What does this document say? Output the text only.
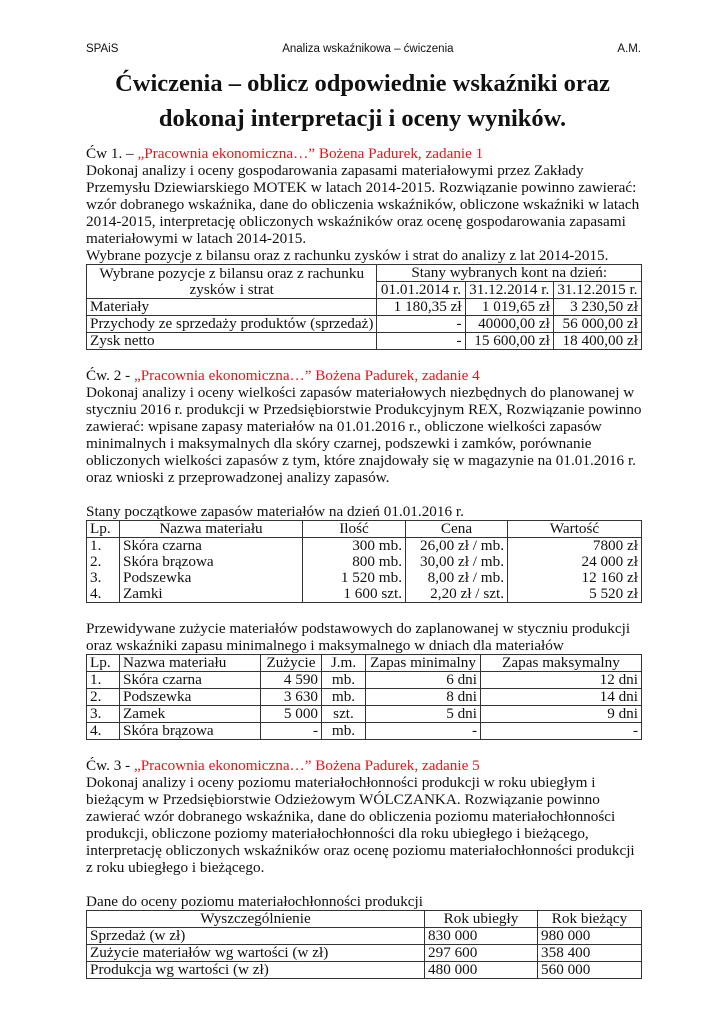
SPAiS	Analiza wskaźnikowa – ćwiczenia	A.M.
Ćwiczenia – oblicz odpowiednie wskaźniki oraz
dokonaj interpretacji i oceny wyników.

Ćw 1. – „Pracownia ekonomiczna…” Bożena Padurek, zadanie 1

Dokonaj analizy i oceny gospodarowania zapasami materiałowymi przez Zakłady Przemysłu Dziewiarskiego MOTEK w latach 2014-2015. Rozwiązanie powinno zawierać: wzór dobranego wskaźnika, dane do obliczenia wskaźników, obliczone wskaźniki w latach 2014-2015, interpretację obliczonych wskaźników oraz ocenę gospodarowania zapasami materiałowymi w latach 2014-2015.

Wybrane pozycje z bilansu oraz z rachunku zysków i strat do analizy z lat 2014-2015.

Wybrane pozycje z bilansu oraz z rachunku zysków i strat	Stany wybranych kont na dzień:		
	01.01.2014 r.	31.12.2014 r.	31.12.2015 r.
Materiały	1 180,35 zł	1 019,65 zł	3 230,50 zł
Przychody ze sprzedaży produktów (sprzedaż)	-	40000,00 zł	56 000,00 zł
Zysk netto	-	15 600,00 zł	18 400,00 zł

Ćw. 2 - „Pracownia ekonomiczna…” Bożena Padurek, zadanie 4

Dokonaj analizy i oceny wielkości zapasów materiałowych niezbędnych do planowanej w styczniu 2016 r. produkcji w Przedsiębiorstwie Produkcyjnym REX, Rozwiązanie powinno zawierać: wpisane zapasy materiałów na 01.01.2016 r., obliczone wielkości zapasów minimalnych i maksymalnych dla skóry czarnej, podszewki i zamków, porównanie obliczonych wielkości zapasów z tym, które znajdowały się w magazynie na 01.01.2016 r. oraz wnioski z przeprowadzonej analizy zapasów.

Stany początkowe zapasów materiałów na dzień 01.01.2016 r.

Lp.	Nazwa materiału	Ilość	Cena	Wartość
1.	Skóra czarna	300 mb.	26,00 zł / mb.	7800 zł
2.	Skóra brązowa	800 mb.	30,00 zł / mb.	24 000 zł
3.	Podszewka	1 520 mb.	8,00 zł / mb.	12 160 zł
4.	Zamki	1 600 szt.	2,20 zł / szt.	5 520 zł

Przewidywane zużycie materiałów podstawowych do zaplanowanej w styczniu produkcji oraz wskaźniki zapasu minimalnego i maksymalnego w dniach dla materiałów

Lp.	Nazwa materiału	Zużycie	J.m.	Zapas minimalny	Zapas maksymalny
1.	Skóra czarna	4 590	mb.	6 dni	12 dni
2.	Podszewka	3 630	mb.	8 dni	14 dni
3.	Zamek	5 000	szt.	5 dni	9 dni
4.	Skóra brązowa	-	mb.	-	-

Ćw. 3 - „Pracownia ekonomiczna…” Bożena Padurek, zadanie 5

Dokonaj analizy i oceny poziomu materiałochłonności produkcji w roku ubiegłym i bieżącym w Przedsiębiorstwie Odzieżowym WÓLCZANKA. Rozwiązanie powinno zawierać wzór dobranego wskaźnika, dane do obliczenia poziomu materiałochłonności produkcji, obliczone poziomy materiałochłonności dla roku ubiegłego i bieżącego, interpretację obliczonych wskaźników oraz ocenę poziomu materiałochłonności produkcji z roku ubiegłego i bieżącego.

Dane do oceny poziomu materiałochłonności produkcji

Wyszczególnienie	Rok ubiegły	Rok bieżący
Sprzedaż (w zł)	830 000	980 000
Zużycie materiałów wg wartości (w zł)	297 600	358 400
Produkcja wg wartości (w zł)	480 000	560 000
